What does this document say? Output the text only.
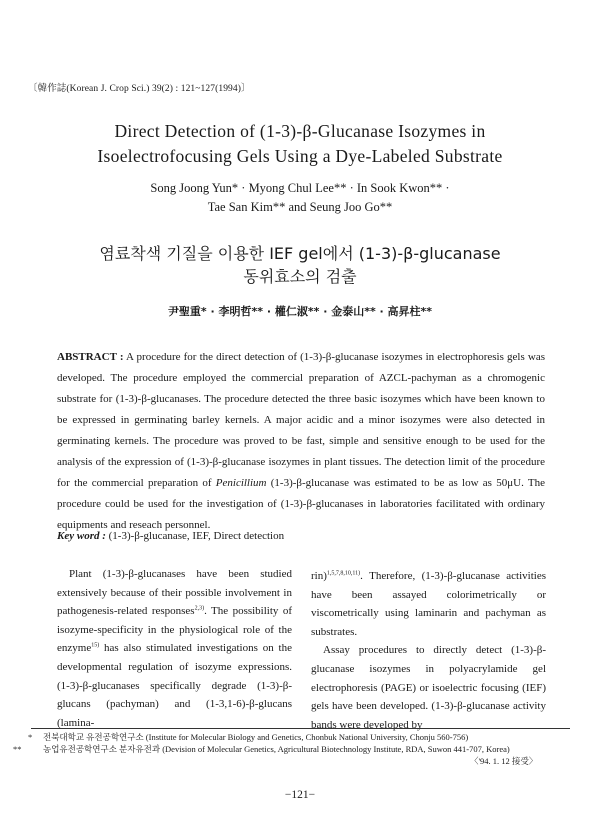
〔韓作誌(Korean J. Crop Sci.) 39(2) : 121~127(1994)〕
Direct Detection of (1-3)-β-Glucanase Isozymes in
Isoelectrofocusing Gels Using a Dye-Labeled Substrate
Song Joong Yun* · Myong Chul Lee** · In Sook Kwon** ·
Tae San Kim** and Seung Joo Go**
염료착색 기질을 이용한 IEF gel에서 (1-3)-β-glucanase
동위효소의 검출
尹聖重* · 李明哲** · 權仁淑** · 金泰山** · 高昇柱**
ABSTRACT : A procedure for the direct detection of (1-3)-β-glucanase isozymes in electrophoresis gels was developed. The procedure employed the commercial preparation of AZCL-pachyman as a chromogenic substrate for (1-3)-β-glucanases. The procedure detected the three basic isozymes which have been known to be expressed in germinating barley kernels. A major acidic and a minor isozymes were also detected in germinating kernels. The procedure was proved to be fast, simple and sensitive enough to be used for the analysis of the expression of (1-3)-β-glucanase isozymes in plant tissues. The detection limit of the procedure for the commercial preparation of Penicillium (1-3)-β-glucanase was estimated to be as low as 50μU. The procedure could be used for the investigation of (1-3)-β-glucanases in laboratories facilitated with ordinary equipments and reseach personnel.
Key word : (1-3)-β-glucanase, IEF, Direct detection

Plant (1-3)-β-glucanases have been studied extensively because of their possible involvement in pathogenesis-related responses$^{2,3)}$. The possibility of isozyme-specificity in the physiological role of the enzyme$^{15)}$ has also stimulated investigations on the developmental regulation of isozyme expressions. (1-3)-β-glucanases specifically degrade (1-3)-β-glucans (pachyman) and (1-3,1-6)-β-glucans (lamina-

rin)$^{1,5,7,8,10,11)}$. Therefore, (1-3)-β-glucanase activities have been assayed colorimetrically or viscometrically using laminarin and pachyman as substrates.

Assay procedures to directly detect (1-3)-β-glucanase isozymes in polyacrylamide gel electrophoresis (PAGE) or isoelectric focusing (IEF) gels have been developed. (1-3)-β-glucanase activity bands were developed by

* 전북대학교 유전공학연구소 (Institute for Molecular Biology and Genetics, Chonbuk National University, Chonju 560-756)
**	농업유전공학연구소 분자유전과 (Devision of Molecular Genetics, Agricultural Biotechnology Institute, RDA, Suwon 441-707, Korea)
〈'94. 1. 12 接受〉
−121−
